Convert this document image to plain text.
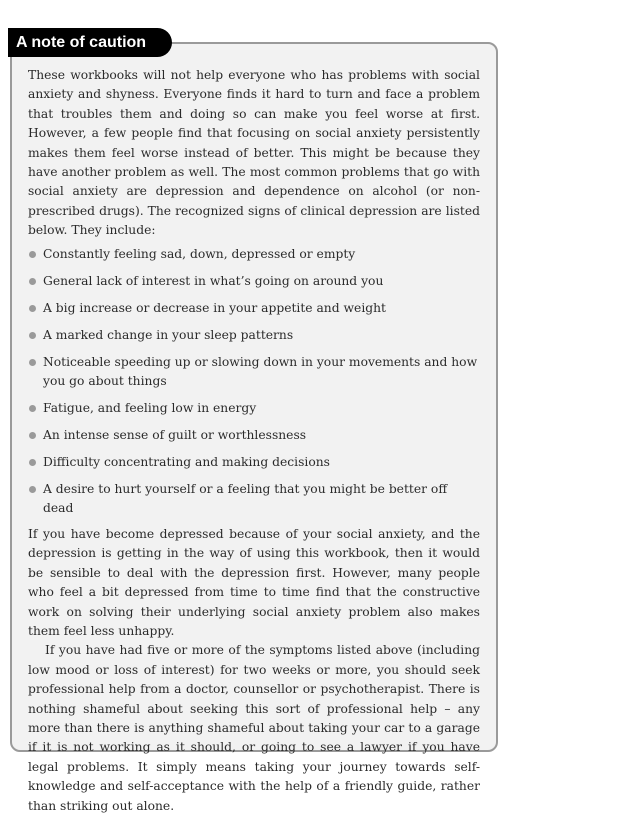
A note of caution

These workbooks will not help everyone who has problems with social anxiety and shyness. Everyone finds it hard to turn and face a problem that troubles them and doing so can make you feel worse at first. However, a few people find that focusing on social anxiety persistently makes them feel worse instead of better. This might be because they have another problem as well. The most common problems that go with social anxiety are depression and dependence on alcohol (or non-prescribed drugs). The recognized signs of clinical depression are listed below. They include:

Constantly feeling sad, down, depressed or empty
General lack of interest in what’s going on around you
A big increase or decrease in your appetite and weight
A marked change in your sleep patterns
Noticeable speeding up or slowing down in your movements and how you go about things
Fatigue, and feeling low in energy
An intense sense of guilt or worthlessness
Difficulty concentrating and making decisions
A desire to hurt yourself or a feeling that you might be better off dead

If you have become depressed because of your social anxiety, and the depression is getting in the way of using this workbook, then it would be sensible to deal with the depression first. However, many people who feel a bit depressed from time to time find that the constructive work on solving their underlying social anxiety problem also makes them feel less unhappy.

If you have had five or more of the symptoms listed above (including low mood or loss of interest) for two weeks or more, you should seek professional help from a doctor, counsellor or psychotherapist. There is nothing shameful about seeking this sort of professional help – any more than there is anything shameful about taking your car to a garage if it is not working as it should, or going to see a lawyer if you have legal problems. It simply means taking your journey towards self-knowledge and self-acceptance with the help of a friendly guide, rather than striking out alone.
